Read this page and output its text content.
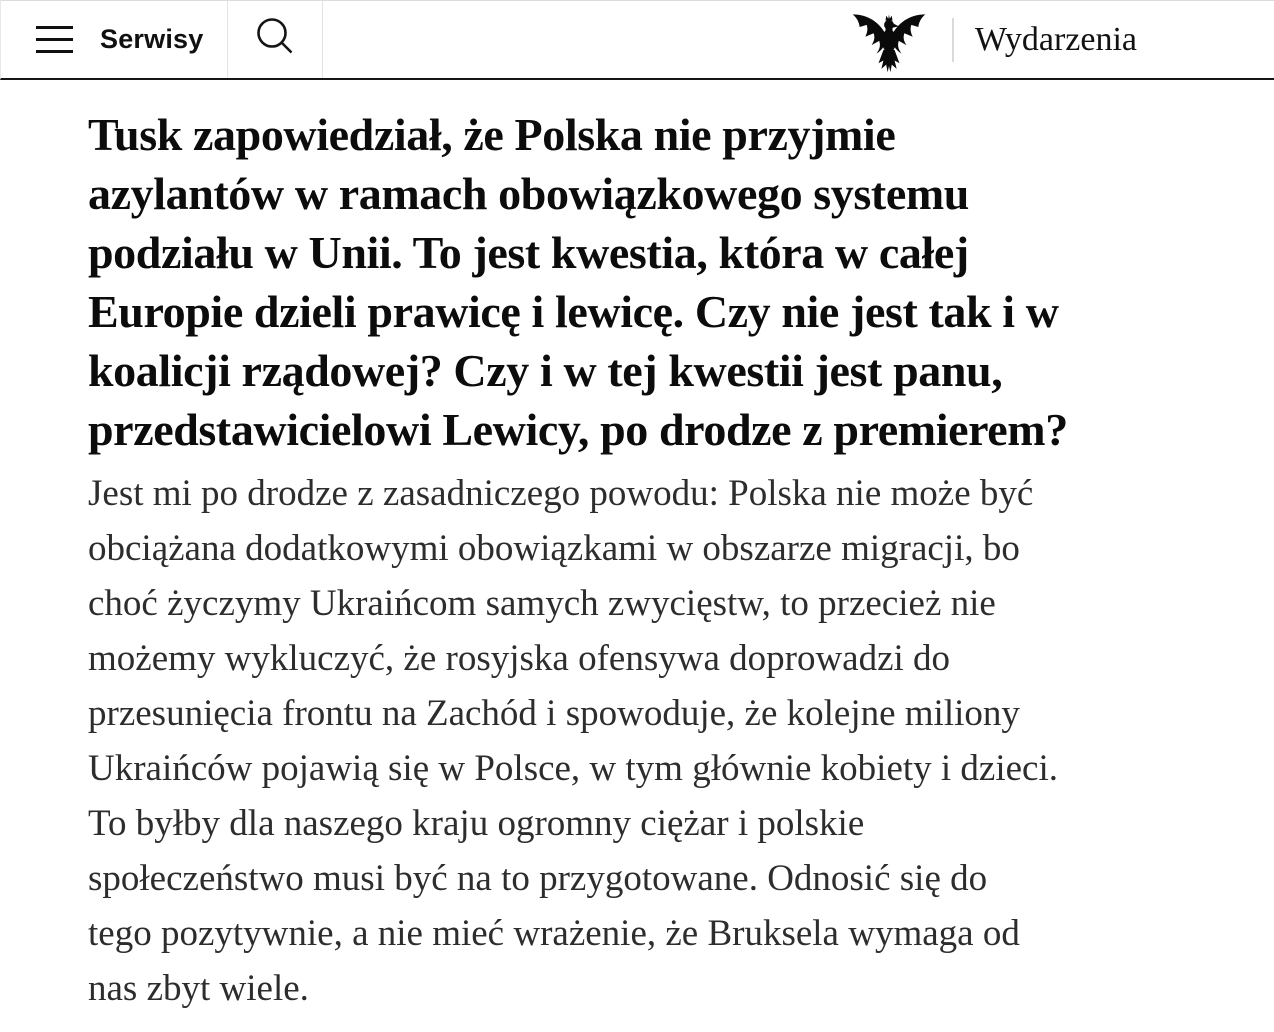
Serwisy	Wydarzenia
Tusk zapowiedział, że Polska nie przyjmie
azylantów w ramach obowiązkowego systemu
podziału w Unii. To jest kwestia, która w całej
Europie dzieli prawicę i lewicę. Czy nie jest tak i w
koalicji rządowej? Czy i w tej kwestii jest panu,
przedstawicielowi Lewicy, po drodze z premierem?

Jest mi po drodze z zasadniczego powodu: Polska nie może być
obciążana dodatkowymi obowiązkami w obszarze migracji, bo
choć życzymy Ukraińcom samych zwycięstw, to przecież nie
możemy wykluczyć, że rosyjska ofensywa doprowadzi do
przesunięcia frontu na Zachód i spowoduje, że kolejne miliony
Ukraińców pojawią się w Polsce, w tym głównie kobiety i dzieci.
To byłby dla naszego kraju ogromny ciężar i polskie
społeczeństwo musi być na to przygotowane. Odnosić się do
tego pozytywnie, a nie mieć wrażenie, że Bruksela wymaga od
nas zbyt wiele.
